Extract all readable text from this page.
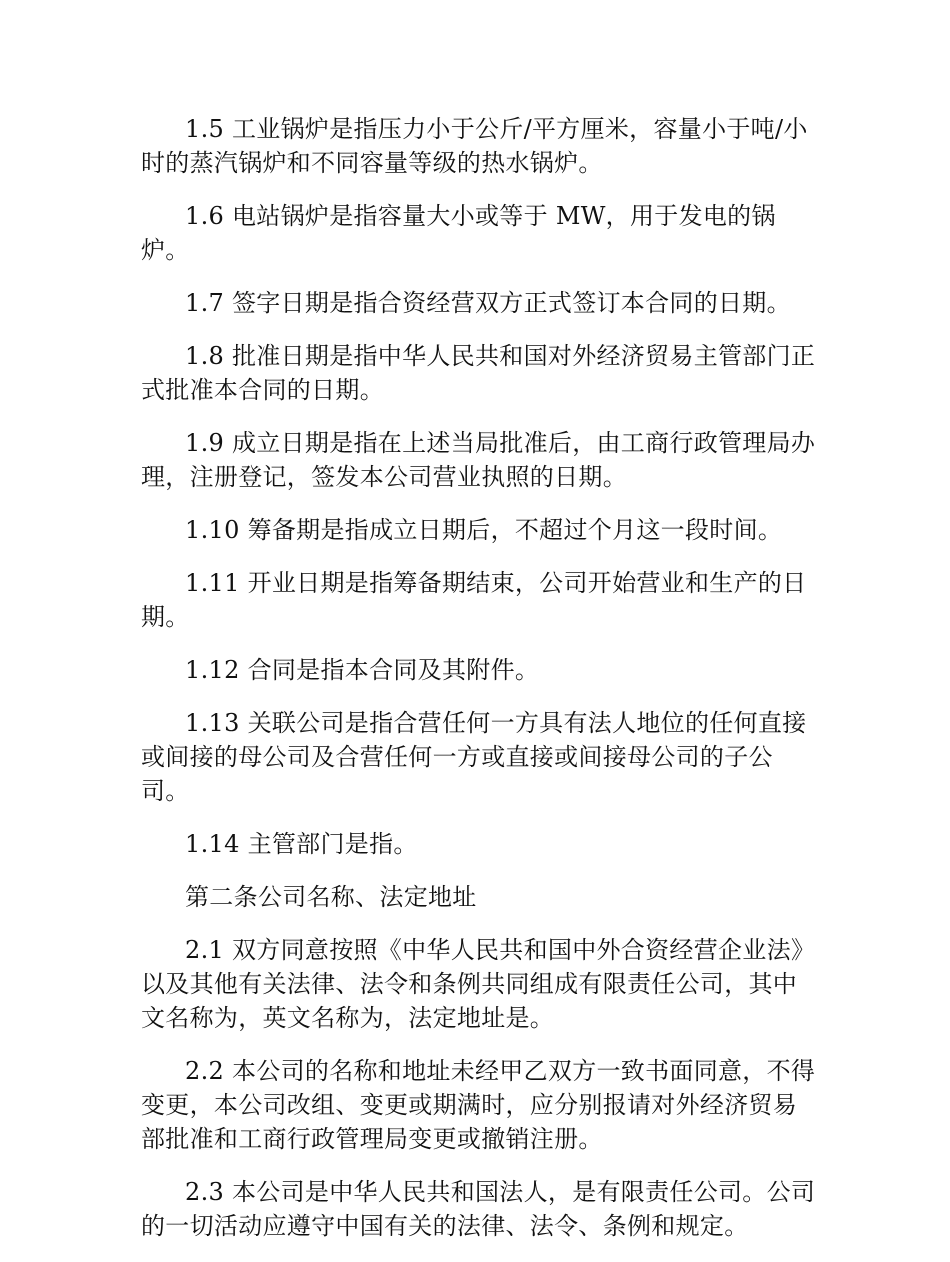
1.5 工业锅炉是指压力小于公斤/平方厘米，容量小于吨/小时的蒸汽锅炉和不同容量等级的热水锅炉。

1.6 电站锅炉是指容量大小或等于 MW，用于发电的锅炉。

1.7 签字日期是指合资经营双方正式签订本合同的日期。

1.8 批准日期是指中华人民共和国对外经济贸易主管部门正式批准本合同的日期。

1.9 成立日期是指在上述当局批准后，由工商行政管理局办理，注册登记，签发本公司营业执照的日期。

1.10 筹备期是指成立日期后，不超过个月这一段时间。

1.11 开业日期是指筹备期结束，公司开始营业和生产的日期。

1.12 合同是指本合同及其附件。

1.13 关联公司是指合营任何一方具有法人地位的任何直接或间接的母公司及合营任何一方或直接或间接母公司的子公司。

1.14 主管部门是指。

第二条公司名称、法定地址

2.1 双方同意按照《中华人民共和国中外合资经营企业法》以及其他有关法律、法令和条例共同组成有限责任公司，其中文名称为，英文名称为，法定地址是。

2.2 本公司的名称和地址未经甲乙双方一致书面同意，不得变更，本公司改组、变更或期满时，应分别报请对外经济贸易部批准和工商行政管理局变更或撤销注册。

2.3 本公司是中华人民共和国法人，是有限责任公司。公司的一切活动应遵守中国有关的法律、法令、条例和规定。
